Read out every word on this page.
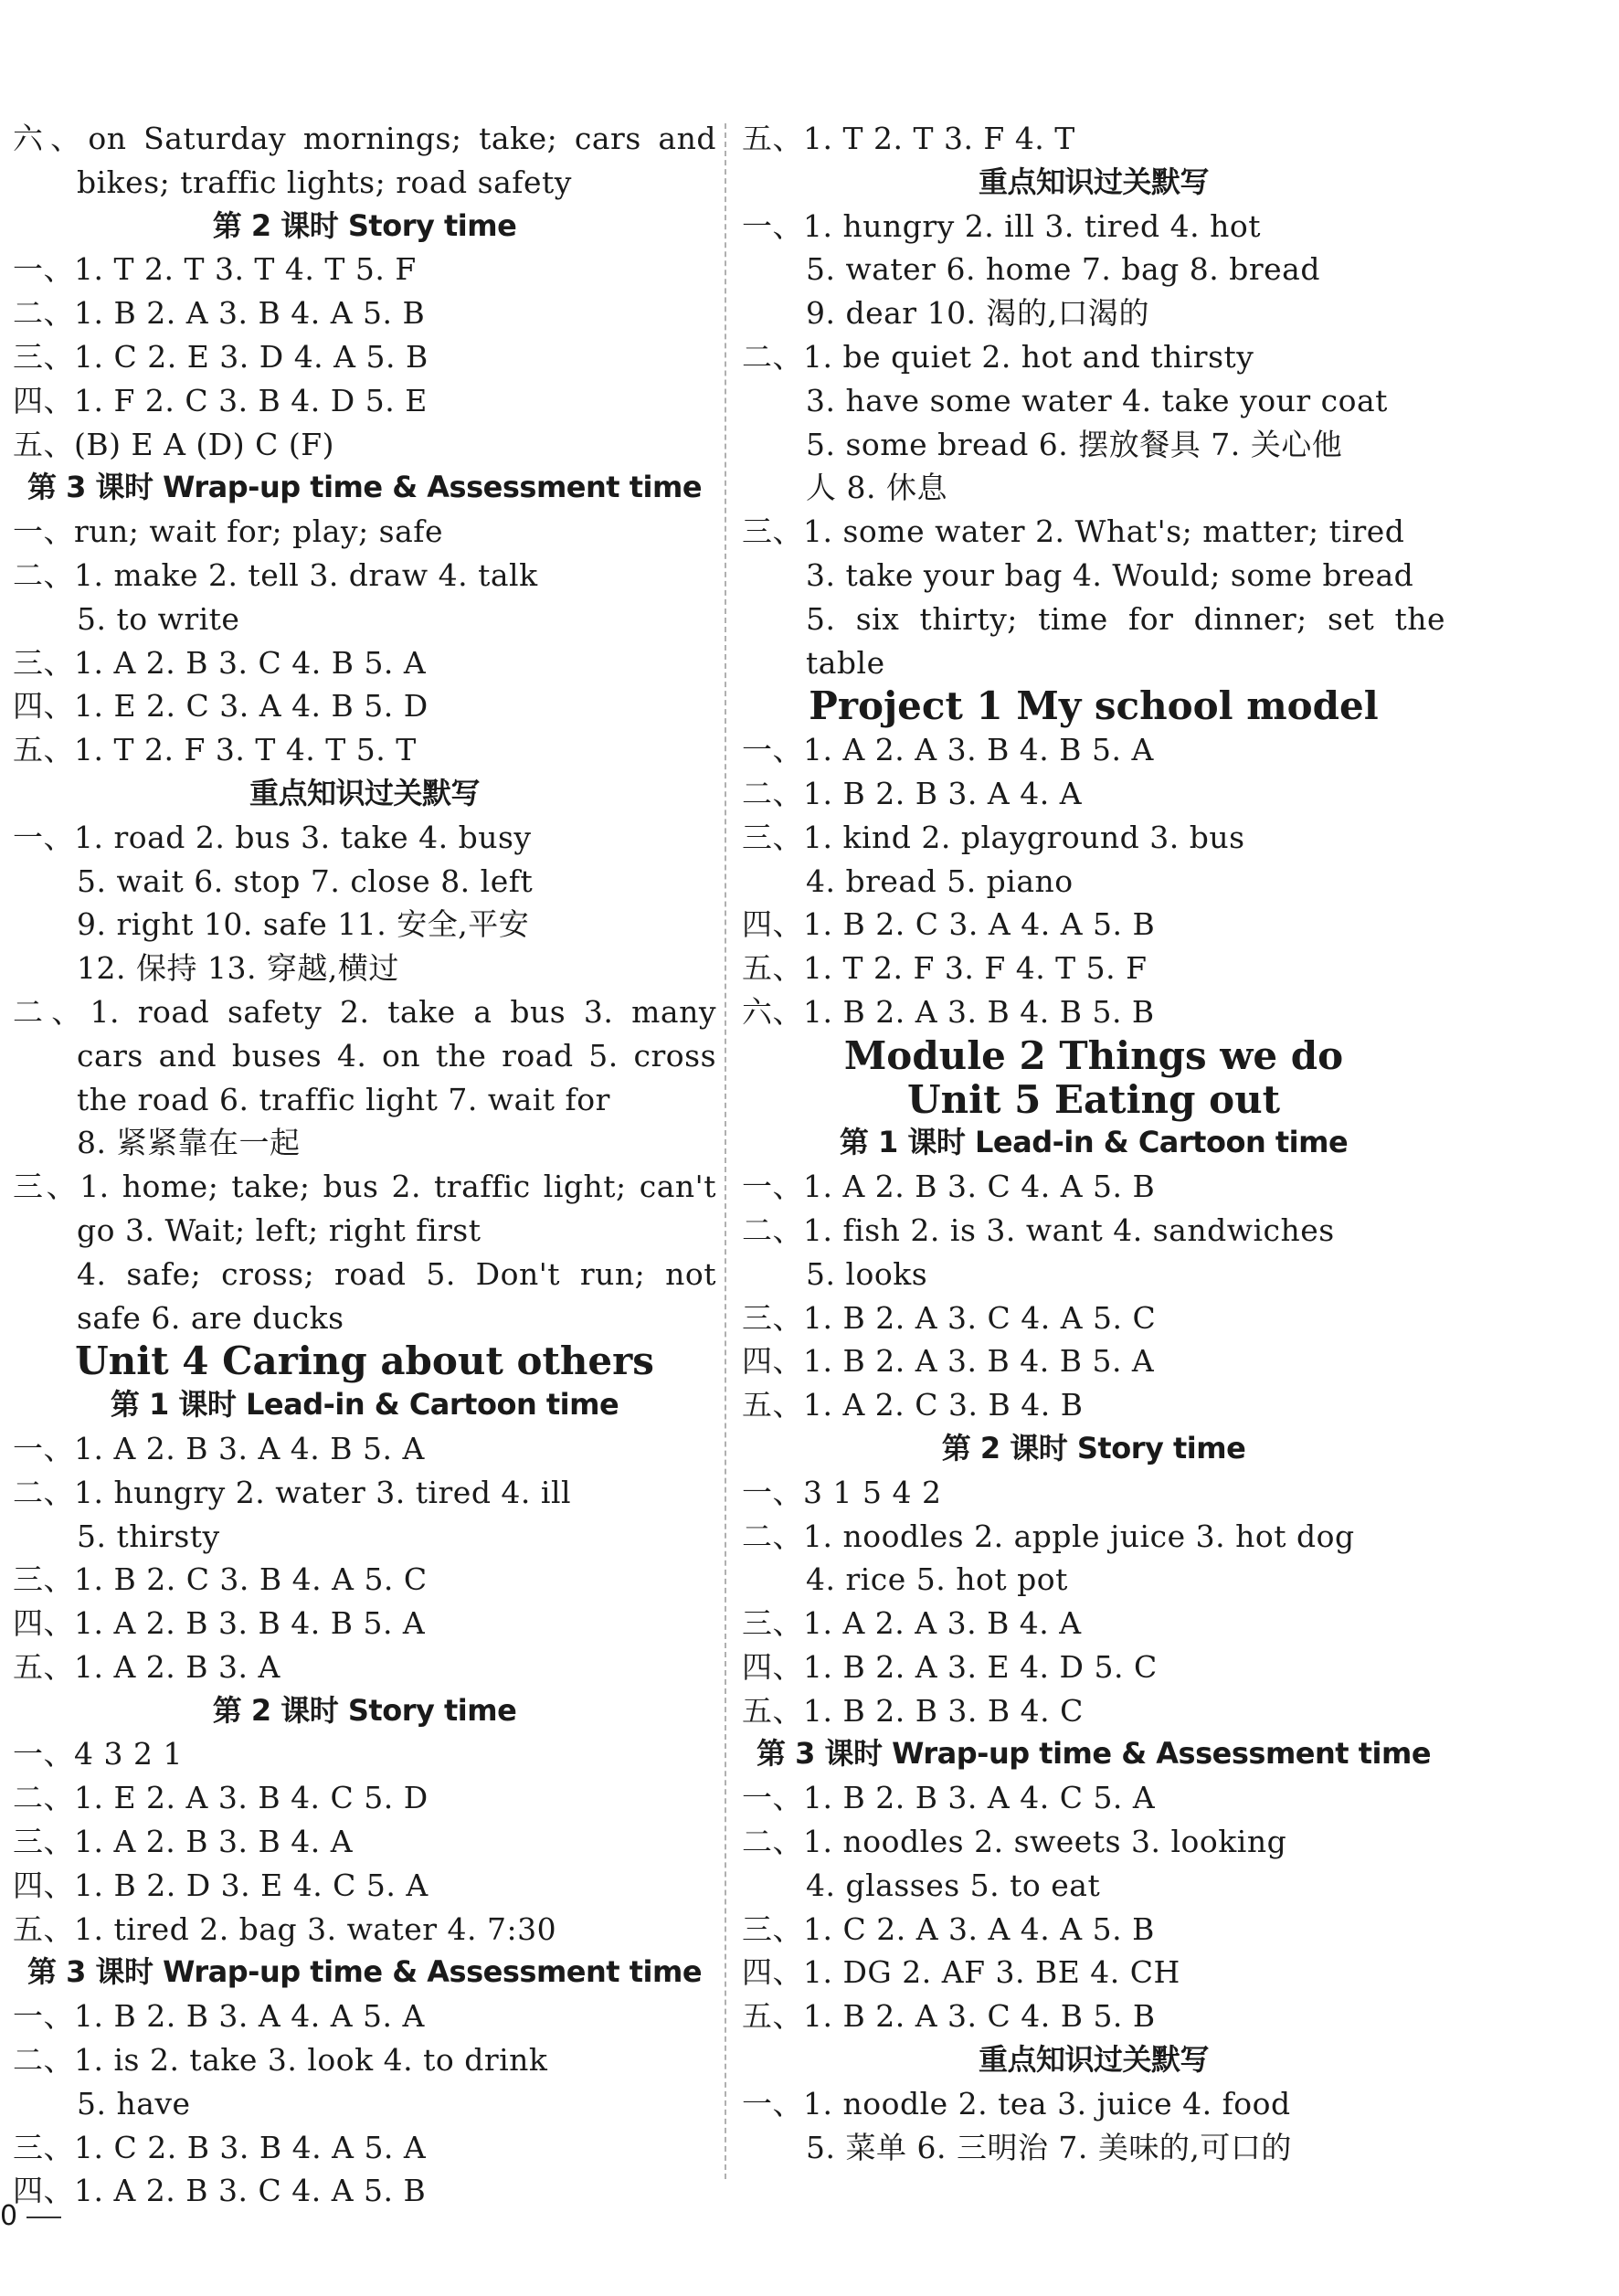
六、on Saturday mornings; take; cars and
bikes; traffic lights; road safety
第 2 课时 Story time
一、1. T 2. T 3. T 4. T 5. F
二、1. B 2. A 3. B 4. A 5. B
三、1. C 2. E 3. D 4. A 5. B
四、1. F 2. C 3. B 4. D 5. E
五、(B) E A (D) C (F)
第 3 课时 Wrap-up time & Assessment time
一、run; wait for; play; safe
二、1. make 2. tell 3. draw 4. talk
5. to write
三、1. A 2. B 3. C 4. B 5. A
四、1. E 2. C 3. A 4. B 5. D
五、1. T 2. F 3. T 4. T 5. T
重点知识过关默写
一、1. road 2. bus 3. take 4. busy
5. wait 6. stop 7. close 8. left
9. right 10. safe 11. 安全,平安
12. 保持 13. 穿越,横过
二、1. road safety 2. take a bus 3. many
cars and buses 4. on the road 5. cross
the road 6. traffic light 7. wait for
8. 紧紧靠在一起
三、1. home; take; bus 2. traffic light; can't
go 3. Wait; left; right first
4. safe; cross; road 5. Don't run; not
safe 6. are ducks
Unit 4 Caring about others
第 1 课时 Lead-in & Cartoon time
一、1. A 2. B 3. A 4. B 5. A
二、1. hungry 2. water 3. tired 4. ill
5. thirsty
三、1. B 2. C 3. B 4. A 5. C
四、1. A 2. B 3. B 4. B 5. A
五、1. A 2. B 3. A
第 2 课时 Story time
一、4 3 2 1
二、1. E 2. A 3. B 4. C 5. D
三、1. A 2. B 3. B 4. A
四、1. B 2. D 3. E 4. C 5. A
五、1. tired 2. bag 3. water 4. 7:30
第 3 课时 Wrap-up time & Assessment time
一、1. B 2. B 3. A 4. A 5. A
二、1. is 2. take 3. look 4. to drink
5. have
三、1. C 2. B 3. B 4. A 5. A
四、1. A 2. B 3. C 4. A 5. B
五、1. T 2. T 3. F 4. T
重点知识过关默写
一、1. hungry 2. ill 3. tired 4. hot
5. water 6. home 7. bag 8. bread
9. dear 10. 渴的,口渴的
二、1. be quiet 2. hot and thirsty
3. have some water 4. take your coat
5. some bread 6. 摆放餐具 7. 关心他
人 8. 休息
三、1. some water 2. What's; matter; tired
3. take your bag 4. Would; some bread
5. six thirty; time for dinner; set the
table
Project 1 My school model
一、1. A 2. A 3. B 4. B 5. A
二、1. B 2. B 3. A 4. A
三、1. kind 2. playground 3. bus
4. bread 5. piano
四、1. B 2. C 3. A 4. A 5. B
五、1. T 2. F 3. F 4. T 5. F
六、1. B 2. A 3. B 4. B 5. B
Module 2 Things we do
Unit 5 Eating out
第 1 课时 Lead-in & Cartoon time
一、1. A 2. B 3. C 4. A 5. B
二、1. fish 2. is 3. want 4. sandwiches
5. looks
三、1. B 2. A 3. C 4. A 5. C
四、1. B 2. A 3. B 4. B 5. A
五、1. A 2. C 3. B 4. B
第 2 课时 Story time
一、3 1 5 4 2
二、1. noodles 2. apple juice 3. hot dog
4. rice 5. hot pot
三、1. A 2. A 3. B 4. A
四、1. B 2. A 3. E 4. D 5. C
五、1. B 2. B 3. B 4. C
第 3 课时 Wrap-up time & Assessment time
一、1. B 2. B 3. A 4. C 5. A
二、1. noodles 2. sweets 3. looking
4. glasses 5. to eat
三、1. C 2. A 3. A 4. A 5. B
四、1. DG 2. AF 3. BE 4. CH
五、1. B 2. A 3. C 4. B 5. B
重点知识过关默写
一、1. noodle 2. tea 3. juice 4. food
5. 菜单 6. 三明治 7. 美味的,可口的
0
